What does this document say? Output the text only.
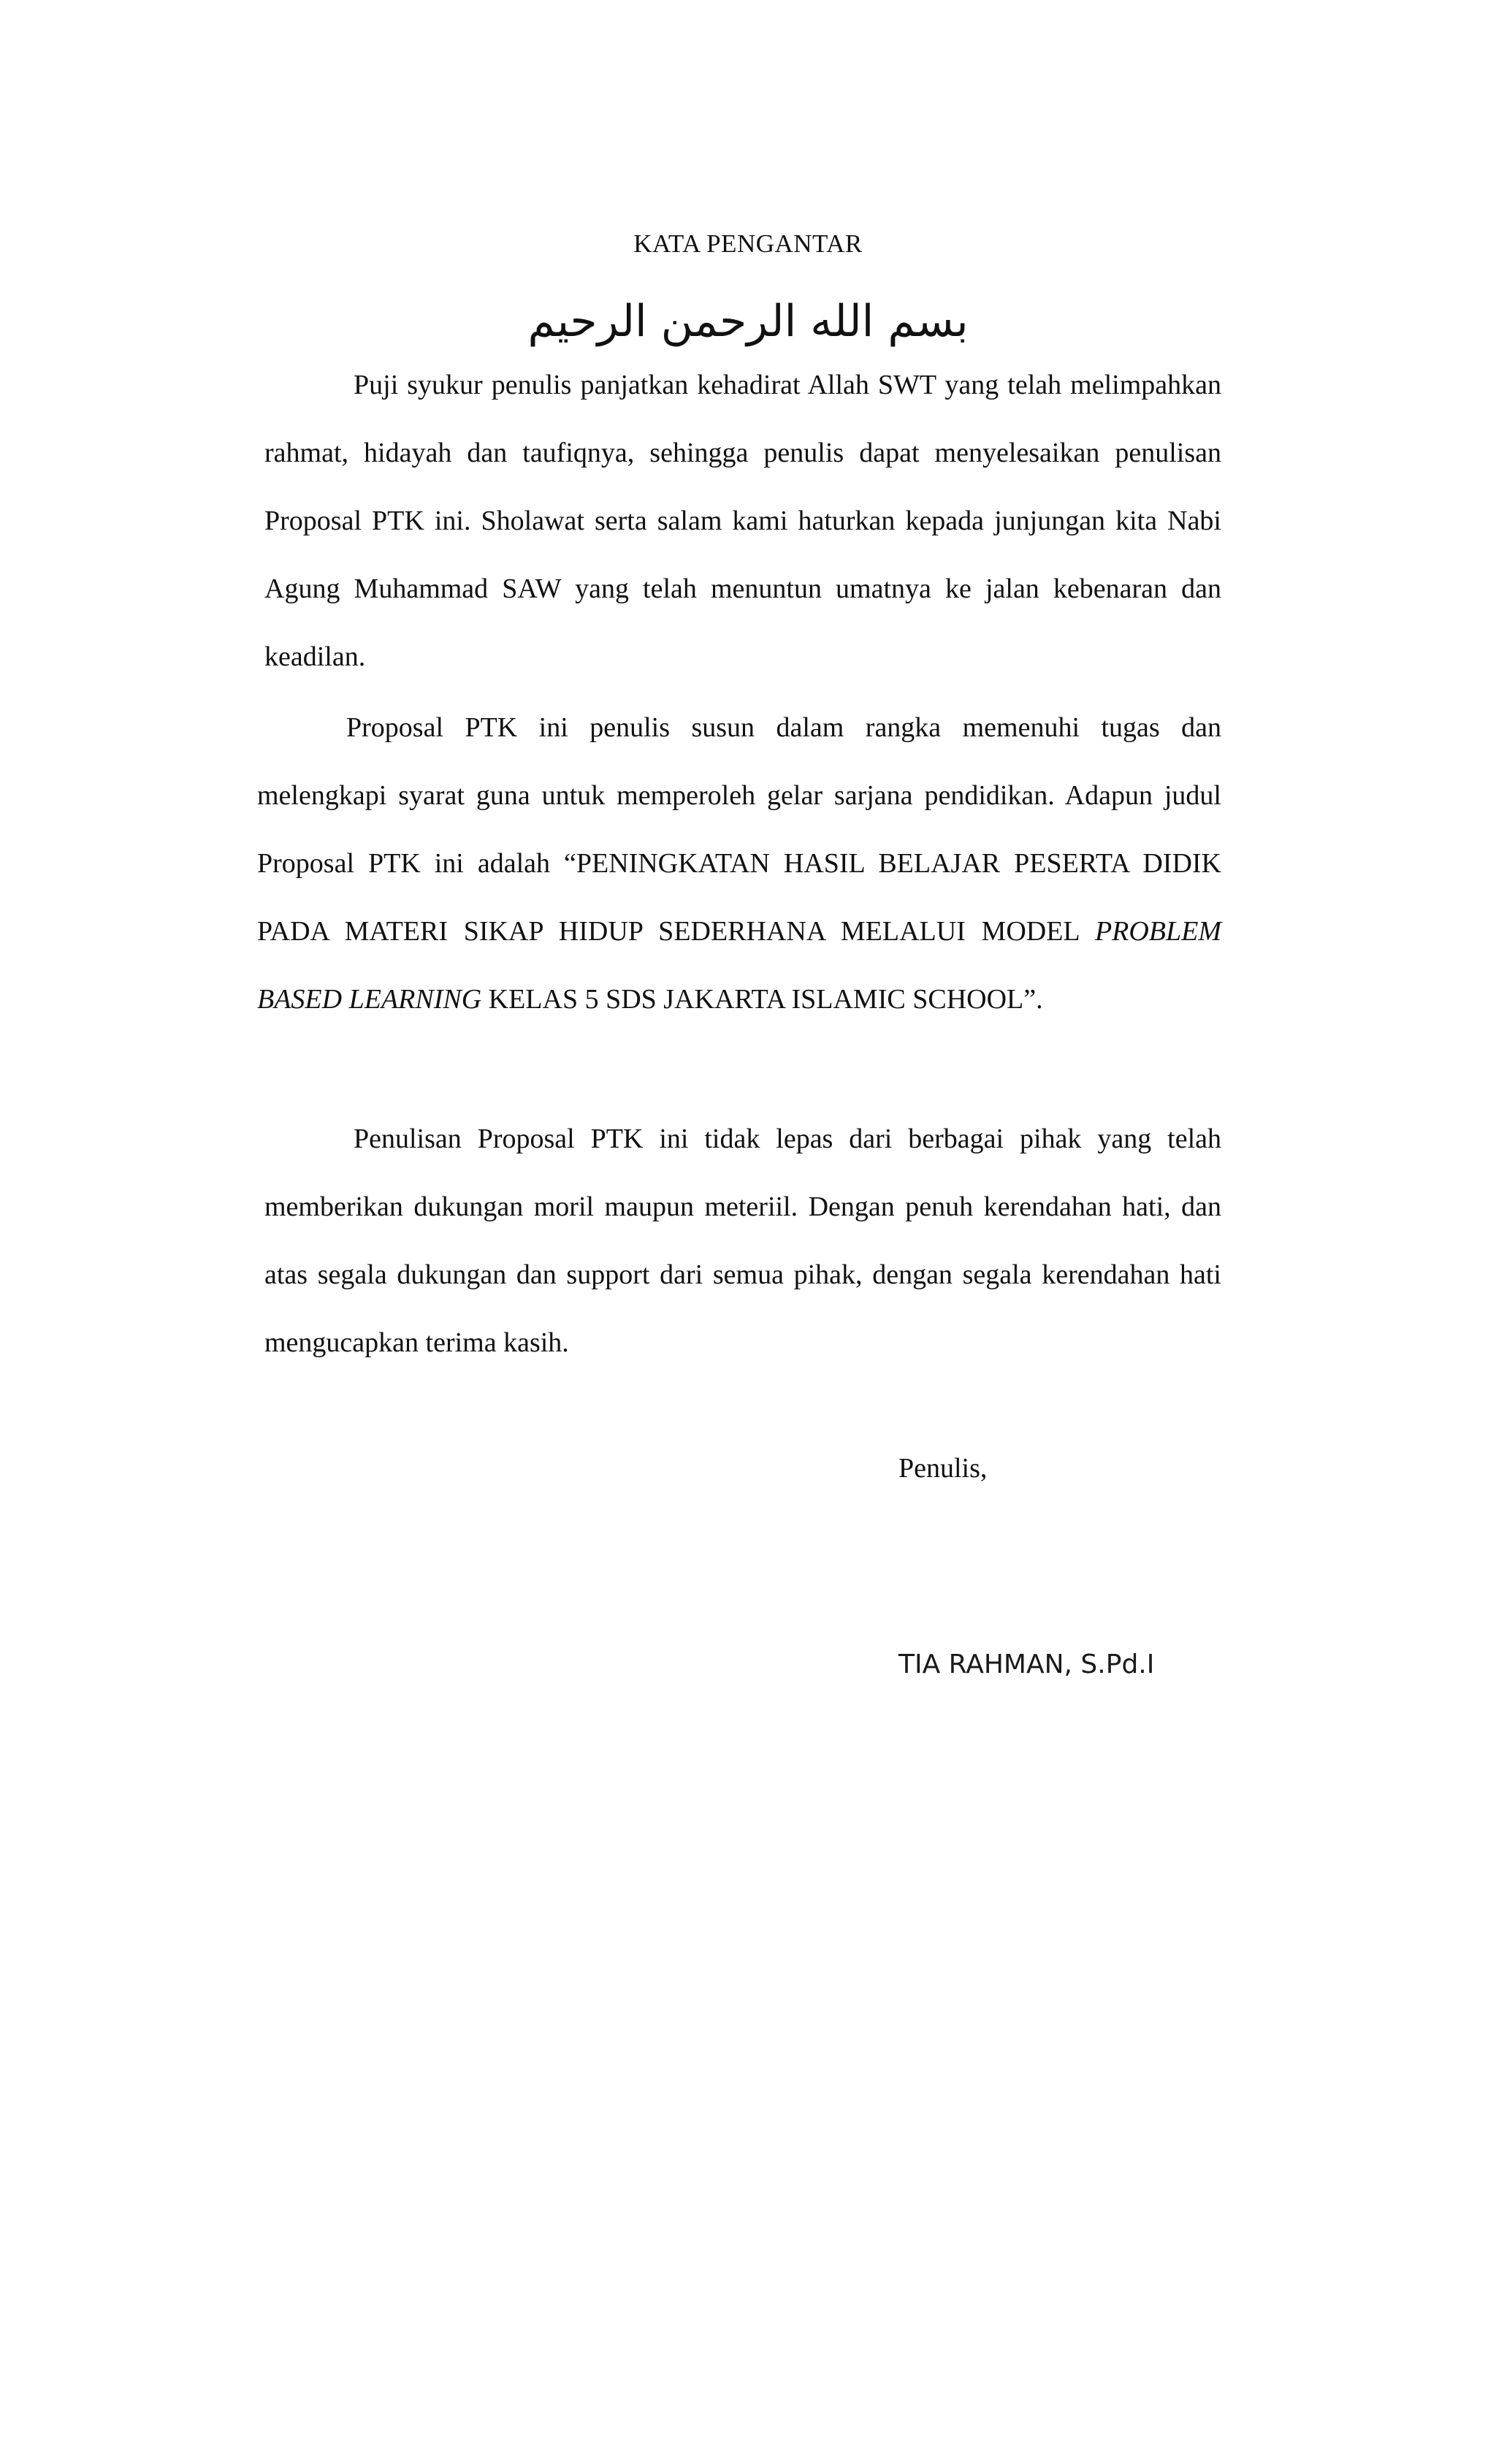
KATA PENGANTAR
بسم الله الرحمن الرحيم

Puji syukur penulis panjatkan kehadirat Allah SWT yang telah melimpahkan rahmat, hidayah dan taufiqnya, sehingga penulis dapat menyelesaikan penulisan Proposal PTK ini. Sholawat serta salam kami haturkan kepada junjungan kita Nabi Agung Muhammad SAW yang telah menuntun umatnya ke jalan kebenaran dan keadilan.

Proposal PTK ini penulis susun dalam rangka memenuhi tugas dan melengkapi syarat guna untuk memperoleh gelar sarjana pendidikan. Adapun judul Proposal PTK ini adalah “PENINGKATAN HASIL BELAJAR PESERTA DIDIK PADA MATERI SIKAP HIDUP SEDERHANA MELALUI MODEL PROBLEM BASED LEARNING KELAS 5 SDS JAKARTA ISLAMIC SCHOOL”.

Penulisan Proposal PTK ini tidak lepas dari berbagai pihak yang telah memberikan dukungan moril maupun meteriil. Dengan penuh kerendahan hati, dan atas segala dukungan dan support dari semua pihak, dengan segala kerendahan hati mengucapkan terima kasih.

Penulis,
TIA RAHMAN, S.Pd.I
